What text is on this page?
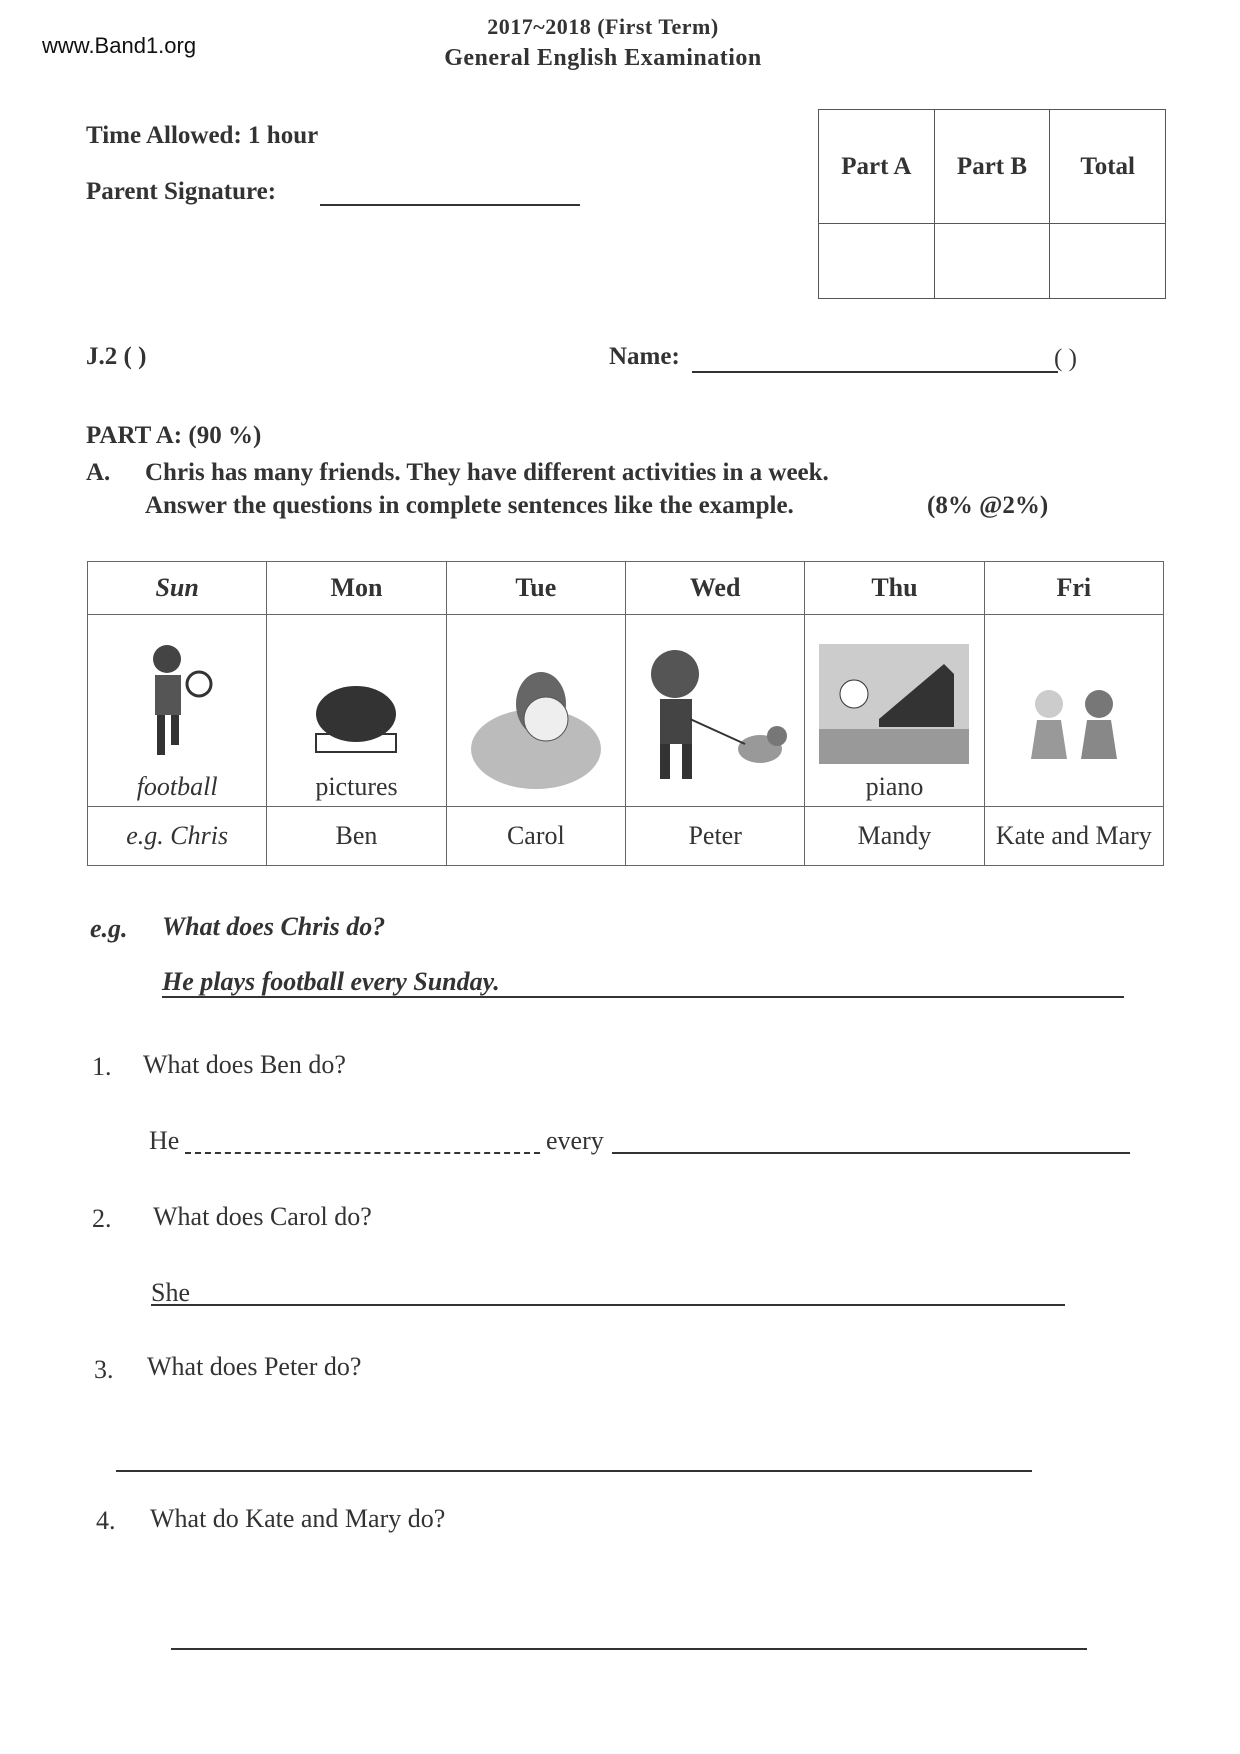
www.Band1.org
2017~2018 (First Term)
General English Examination
Time Allowed: 1 hour
Parent Signature:
Part A	Part B	Total

J.2 ( )	Name:	( )
PART A: (90 %)
A. Chris has many friends. They have different activities in a week.
Answer the questions in complete sentences like the example.	(8% @2%)
Sun	Mon	Tue	Wed	Thu	Fri

football	pictures			piano

e.g. Chris	Ben	Carol	Peter	Mandy	Kate and Mary
e.g. What does Chris do?
He plays football every Sunday.
1. What does Ben do?
He	every
2. What does Carol do?
She
3. What does Peter do?
4. What do Kate and Mary do?
